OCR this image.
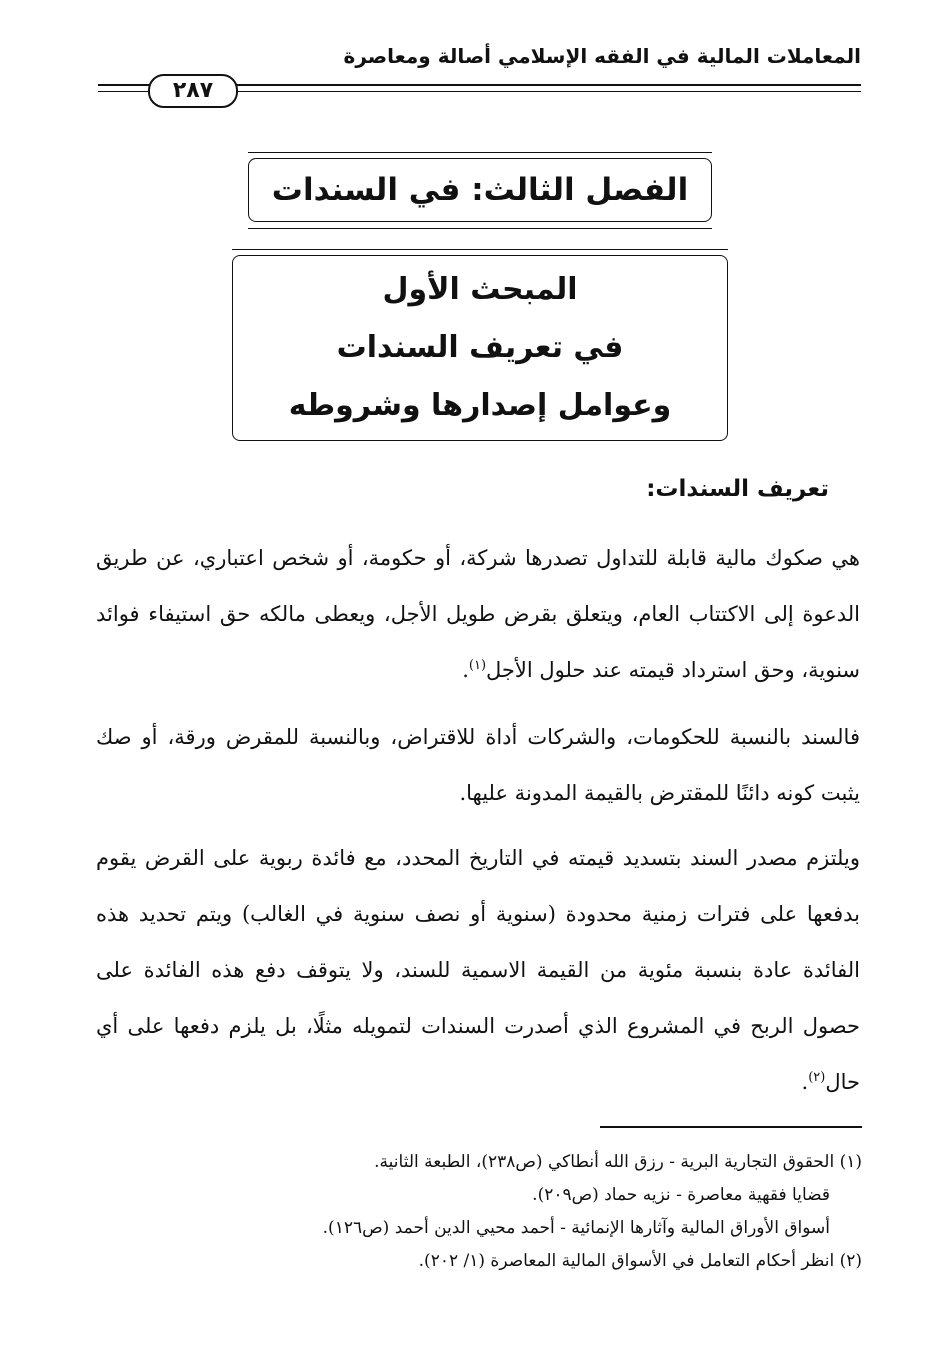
المعاملات المالية في الفقه الإسلامي أصالة ومعاصرة
٢٨٧
الفصل الثالث: في السندات
المبحث الأول
في تعريف السندات
وعوامل إصدارها وشروطه
تعريف السندات:
هي صكوك مالية قابلة للتداول تصدرها شركة، أو حكومة، أو شخص اعتباري، عن طريق الدعوة إلى الاكتتاب العام، ويتعلق بقرض طويل الأجل، ويعطى مالكه حق استيفاء فوائد سنوية، وحق استرداد قيمته عند حلول الأجل$^{(١)}$.
فالسند بالنسبة للحكومات، والشركات أداة للاقتراض، وبالنسبة للمقرض ورقة، أو صك يثبت كونه دائنًا للمقترض بالقيمة المدونة عليها.
ويلتزم مصدر السند بتسديد قيمته في التاريخ المحدد، مع فائدة ربوية على القرض يقوم بدفعها على فترات زمنية محدودة (سنوية أو نصف سنوية في الغالب) ويتم تحديد هذه الفائدة عادة بنسبة مئوية من القيمة الاسمية للسند، ولا يتوقف دفع هذه الفائدة على حصول الربح في المشروع الذي أصدرت السندات لتمويله مثلًا، بل يلزم دفعها على أي حال$^{(٢)}$.
(١) الحقوق التجارية البرية - رزق الله أنطاكي (ص٢٣٨)، الطبعة الثانية.
قضايا فقهية معاصرة - نزيه حماد (ص٢٠٩).
أسواق الأوراق المالية وآثارها الإنمائية - أحمد محيي الدين أحمد (ص١٢٦).
(٢) انظر أحكام التعامل في الأسواق المالية المعاصرة (١/ ٢٠٢).
